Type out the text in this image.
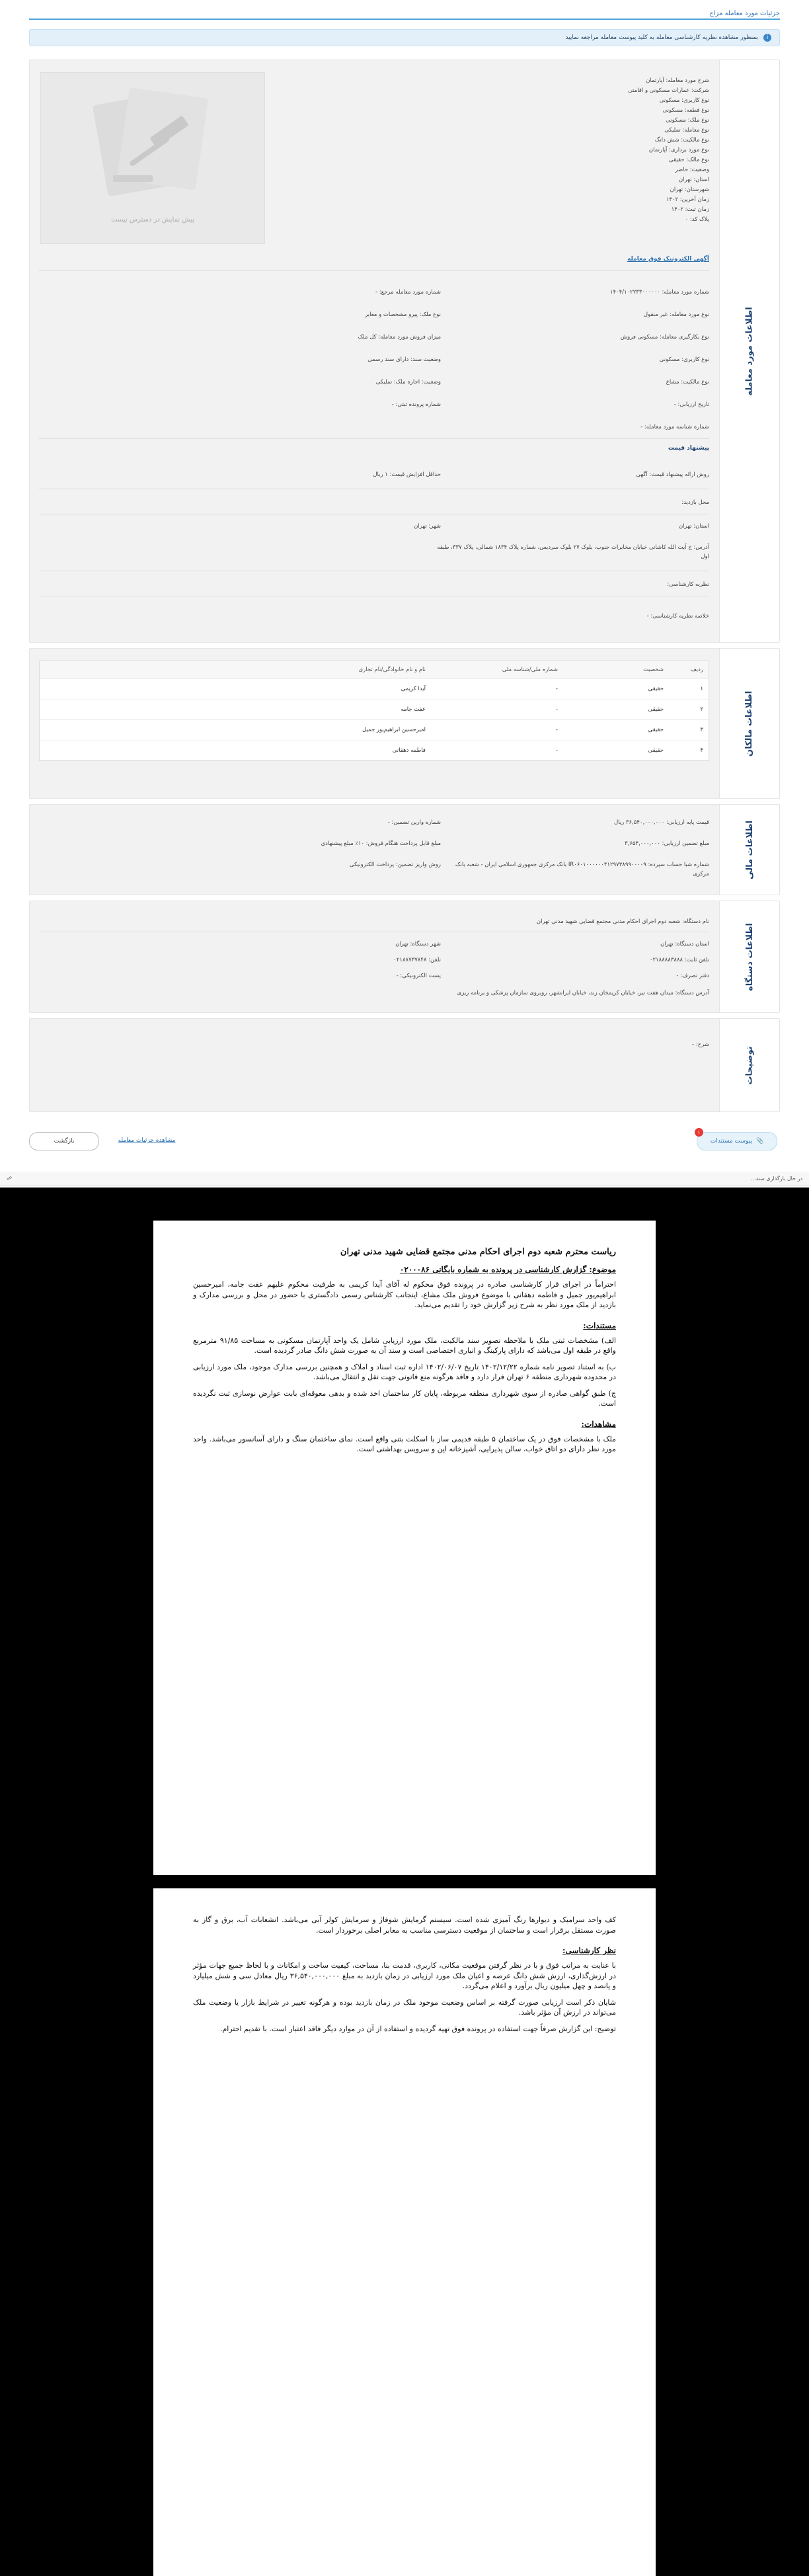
جزئیات مورد معامله مزاج
i
بمنظور مشاهده نظریه کارشناسی معامله به کلید پیوست معامله مراجعه نمایید
اطلاعات مورد معامله
پیش نمایش در دسترس نیست
شرح مورد معامله: آپارتمان
شرکت: عمارات مسکونی و اقامتی
نوع کاربری: مسکونی
نوع قطعه: مسکونی
نوع ملک: مسکونی
نوع معامله: تملیکی
نوع مالکیت: شش دانگ
نوع مورد برداری: آپارتمان
نوع مالک: حقیقی
وضعیت: حاضر
استان: تهران
شهرستان: تهران
زمان آخرین: ۱۴۰۲
زمان ثبت: ۱۴۰۲
پلاک کد: ۰
آگهی الکترونیک فوق معامله
شماره مورد معامله: ۱۴۰۴/۱۰۲۲۳۳۰۰۰۰۰۰
شماره مورد معامله مرجع: -
نوع مورد معامله: غیر منقول
نوع ملک: پیرو مشخصات و معابر
نوع بکارگیری معامله: مسکونی فروش
میزان فروش مورد معامله: کل ملک
نوع کاربری: مسکونی
وضعیت سند: دارای سند رسمی
نوع مالکیت: مشاع
وضعیت: اجاره ملک: تملیکی
تاریخ ارزیابی: -
شماره پرونده ثبتی: -
شماره شناسه مورد معامله: -
پیشنهاد قیمت
روش ارائه پیشنهاد قیمت: آگهی
حداقل افزایش قیمت: ۱ ریال
محل بازدید:
استان: تهران
شهر: تهران
آدرس: خ آیت الله کاشانی خیابان مخابرات جنوب، بلوک ۲۷ بلوک سردیس، شماره پلاک ۱۸۳۴ شمالی، پلاک ۳۳۷، طبقه اول
نظریه کارشناسی:
خلاصه نظریه کارشناسی: -
اطلاعات مالکان
ردیف
شخصیت
شماره ملی/شناسه ملی
نام و نام خانوادگی/نام تجاری
۱
حقیقی
-
آیدا کریمی
۲
حقیقی
-
عفت جامه
۳
حقیقی
-
امیرحسین ابراهیم‌پور جمیل
۴
حقیقی
-
فاطمه دهقانی
اطلاعات مالی
قیمت پایه ارزیابی: ۳۶,۵۴۰,۰۰۰,۰۰۰ ریال
شماره وارین تضمین: -
مبلغ تضمین ارزیابی: ۳,۶۵۴,۰۰۰,۰۰۰
مبلغ قابل پرداخت هنگام فروش: ۱۰٪ مبلغ پیشنهادی
شماره شبا حساب سپرده: IR۰۶۰۱۰۰۰۰۰۰۴۱۲۹۷۳۸۹۹۰۰۰۰۹ بانک مرکزی جمهوری اسلامی ایران - شعبه بانک مرکزی
روش واریز تضمین: پرداخت الکترونیکی
اطلاعات دستگاه
نام دستگاه: شعبه دوم اجرای احکام مدنی مجتمع قضایی شهید مدنی تهران
استان دستگاه: تهران
شهر دستگاه: تهران
تلفن ثابت: ۰۲۱۸۸۸۸۳۸۸۸
تلفن: ۰۲۱۸۸۷۳۷۸۴۸
دفتر تصرف: -
پست الکترونیکی: -
آدرس دستگاه: میدان هفت تیر، خیابان کریمخان زند، خیابان ایرانشهر، روبروی سازمان پزشکی و برنامه ریزی
توضیحات
شرح: -
📎
پیوست مستندات
۱
مشاهده جزئیات معامله
بازگشت
در حال بارگذاری سند...
☍
ریاست محترم شعبه دوم اجرای احکام مدنی مجتمع قضایی شهید مدنی تهران
موضوع: گزارش کارشناسی در پرونده به شماره بایگانی ۰۲۰۰۰۸۶

احتراماً در اجرای قرار کارشناسی صادره در پرونده فوق محکوم له آقای آیدا کریمی به طرفیت محکوم علیهم عفت جامه، امیرحسین ابراهیم‌پور جمیل و فاطمه دهقانی با موضوع فروش ملک مشاع، اینجانب کارشناس رسمی دادگستری با حضور در محل و بررسی مدارک و بازدید از ملک مورد نظر به شرح زیر گزارش خود را تقدیم می‌نماید.

مستندات:

الف) مشخصات ثبتی ملک با ملاحظه تصویر سند مالکیت، ملک مورد ارزیابی شامل یک واحد آپارتمان مسکونی به مساحت ۹۱/۸۵ مترمربع واقع در طبقه اول می‌باشد که دارای پارکینگ و انباری اختصاصی است و سند آن به صورت شش دانگ صادر گردیده است.

ب) به استناد تصویر نامه شماره ۱۴۰۲/۱۲/۲۲ تاریخ ۱۴۰۲/۰۶/۰۷ اداره ثبت اسناد و املاک و همچنین بررسی مدارک موجود، ملک مورد ارزیابی در محدوده شهرداری منطقه ۶ تهران قرار دارد و فاقد هرگونه منع قانونی جهت نقل و انتقال می‌باشد.

ج) طبق گواهی صادره از سوی شهرداری منطقه مربوطه، پایان کار ساختمان اخذ شده و بدهی معوقه‌ای بابت عوارض نوسازی ثبت نگردیده است.

مشاهدات:

ملک با مشخصات فوق در یک ساختمان ۵ طبقه قدیمی ساز با اسکلت بتنی واقع است. نمای ساختمان سنگ و دارای آسانسور می‌باشد. واحد مورد نظر دارای دو اتاق خواب، سالن پذیرایی، آشپزخانه اپن و سرویس بهداشتی است.

کف واحد سرامیک و دیوارها رنگ آمیزی شده است. سیستم گرمایش شوفاژ و سرمایش کولر آبی می‌باشد. انشعابات آب، برق و گاز به صورت مستقل برقرار است و ساختمان از موقعیت دسترسی مناسب به معابر اصلی برخوردار است.

نظر کارشناسی:

با عنایت به مراتب فوق و با در نظر گرفتن موقعیت مکانی، کاربری، قدمت بنا، مساحت، کیفیت ساخت و امکانات و با لحاظ جمیع جهات مؤثر در ارزش‌گذاری، ارزش شش دانگ عرصه و اعیان ملک مورد ارزیابی در زمان بازدید به مبلغ ۳۶,۵۴۰,۰۰۰,۰۰۰ ریال معادل سی و شش میلیارد و پانصد و چهل میلیون ریال برآورد و اعلام می‌گردد.

شایان ذکر است ارزیابی صورت گرفته بر اساس وضعیت موجود ملک در زمان بازدید بوده و هرگونه تغییر در شرایط بازار یا وضعیت ملک می‌تواند در ارزش آن مؤثر باشد.

توضیح: این گزارش صرفاً جهت استفاده در پرونده فوق تهیه گردیده و استفاده از آن در موارد دیگر فاقد اعتبار است. با تقدیم احترام.
